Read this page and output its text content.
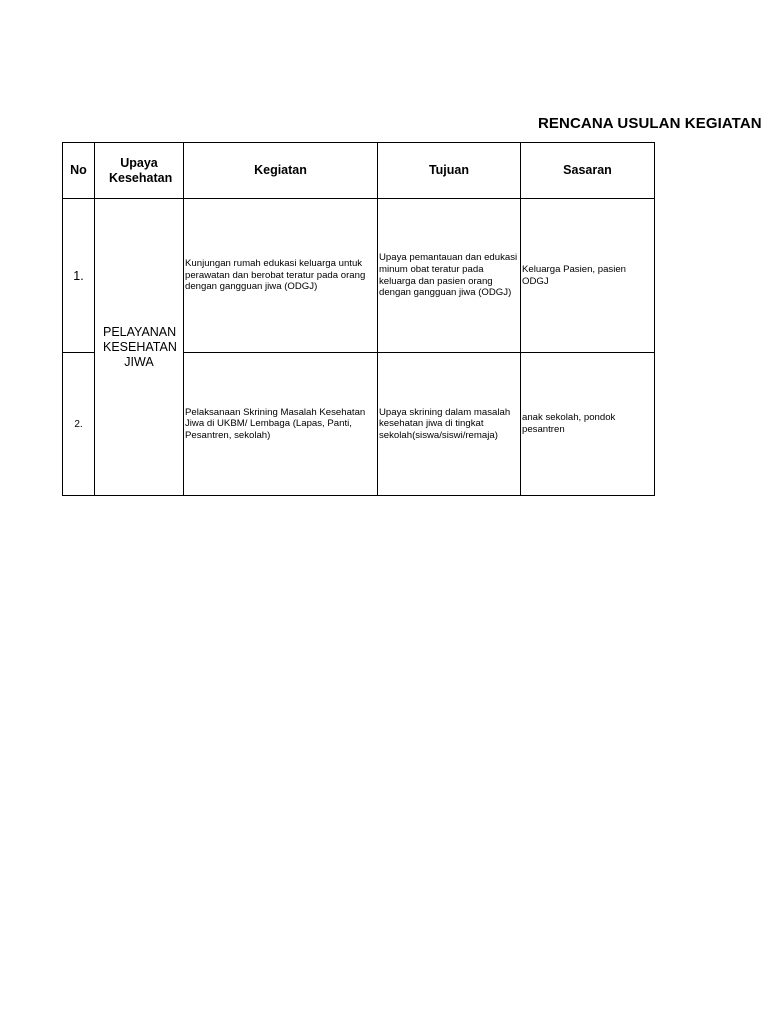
RENCANA USULAN KEGIATAN
No	Upaya Kesehatan	Kegiatan	Tujuan	Sasaran
1.	PELAYANAN KESEHATAN JIWA	Kunjungan rumah edukasi keluarga untuk perawatan dan berobat teratur pada orang dengan gangguan jiwa (ODGJ)	Upaya pemantauan dan edukasi minum obat teratur pada keluarga dan pasien orang dengan gangguan jiwa (ODGJ)	Keluarga Pasien, pasien ODGJ

2.		Pelaksanaan Skrining Masalah Kesehatan Jiwa di UKBM/ Lembaga (Lapas, Panti, Pesantren, sekolah)	Upaya skrining dalam masalah kesehatan jiwa di tingkat sekolah(siswa/siswi/remaja)	anak sekolah, pondok pesantren
